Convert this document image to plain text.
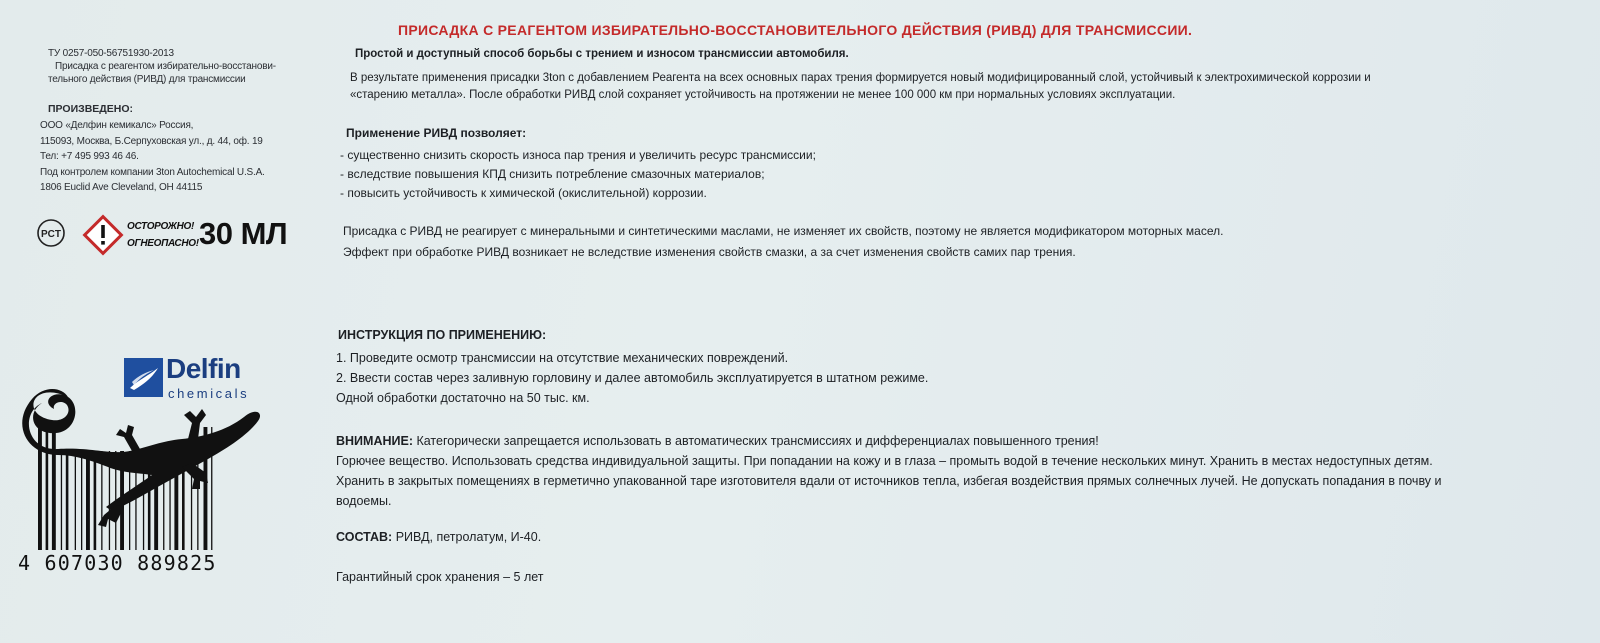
ТУ 0257-050-56751930-2013
Присадка с реагентом избирательно-восстанови-
тельного действия (РИВД) для трансмиссии
ПРОИЗВЕДЕНО:
ООО «Делфин кемикалс» Россия,
115093, Москва, Б.Серпуховская ул., д. 44, оф. 19
Тел: +7 495 993 46 46.
Под контролем компании 3ton Autochemical U.S.A.
1806 Euclid Ave Cleveland, OH 44115
PCT
ОСТОРОЖНО!
ОГНЕОПАСНО! 30 МЛ
Delfin
chemicals
4 607030 889825
ПРИСАДКА С РЕАГЕНТОМ ИЗБИРАТЕЛЬНО-ВОССТАНОВИТЕЛЬНОГО ДЕЙСТВИЯ (РИВД) ДЛЯ ТРАНСМИССИИ.
Простой и доступный способ борьбы с трением и износом трансмиссии автомобиля.
В результате применения присадки 3ton с добавлением Реагента на всех основных парах трения формируется новый модифицированный слой, устойчивый к электрохимической коррозии и
«старению металла». После обработки РИВД слой сохраняет устойчивость на протяжении не менее 100 000 км при нормальных условиях эксплуатации.
Применение РИВД позволяет:
- существенно снизить скорость износа пар трения и увеличить ресурс трансмиссии;
- вследствие повышения КПД снизить потребление смазочных материалов;
- повысить устойчивость к химической (окислительной) коррозии.
Присадка с РИВД не реагирует с минеральными и синтетическими маслами, не изменяет их свойств, поэтому не является модификатором моторных масел.
Эффект при обработке РИВД возникает не вследствие изменения свойств смазки, а за счет изменения свойств самих пар трения.
ИНСТРУКЦИЯ ПО ПРИМЕНЕНИЮ:
1. Проведите осмотр трансмиссии на отсутствие механических повреждений.
2. Ввести состав через заливную горловину и далее автомобиль эксплуатируется в штатном режиме.
Одной обработки достаточно на 50 тыс. км.
ВНИМАНИЕ: Категорически запрещается использовать в автоматических трансмиссиях и дифференциалах повышенного трения!
Горючее вещество. Использовать средства индивидуальной защиты. При попадании на кожу и в глаза – промыть водой в течение нескольких минут. Хранить в местах недоступных детям.
Хранить в закрытых помещениях в герметично упакованной таре изготовителя вдали от источников тепла, избегая воздействия прямых солнечных лучей. Не допускать попадания в почву и
водоемы.
СОСТАВ: РИВД, петролатум, И-40.
Гарантийный срок хранения – 5 лет
